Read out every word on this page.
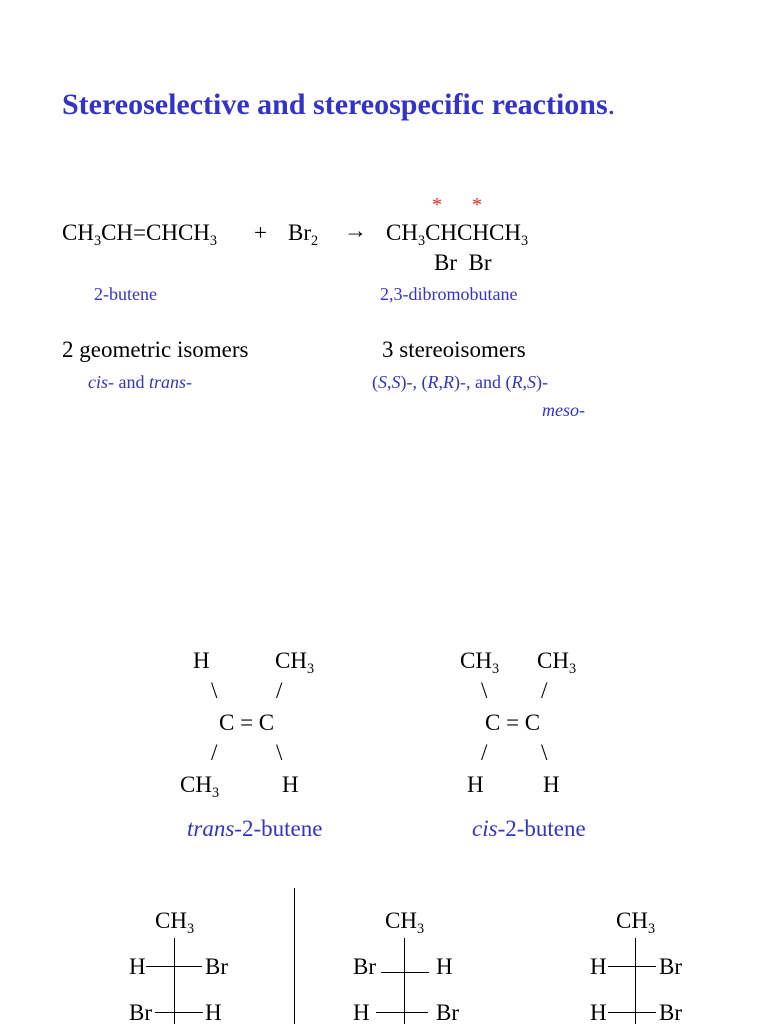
Stereoselective and stereospecific reactions.
* *
$CH_3CH=CHCH_3 + Br_2$ → $CH_3CHCHCH_3$
Br  Br
2-butene	2,3-dibromobutane
2 geometric isomers	3 stereoisomers
cis- and trans-	(S,S)-, (R,R)-, and (R,S)-
meso-
H	$CH_3$
\	/
C = C
/	\
$CH_3$	H
trans-2-butene
$CH_3$ $CH_3$
\ /
C = C
/ \
H	H
cis-2-butene
$CH_3$
H	Br
Br H
$CH_3$
Br	H
H	Br
$CH_3$
H Br
H Br
